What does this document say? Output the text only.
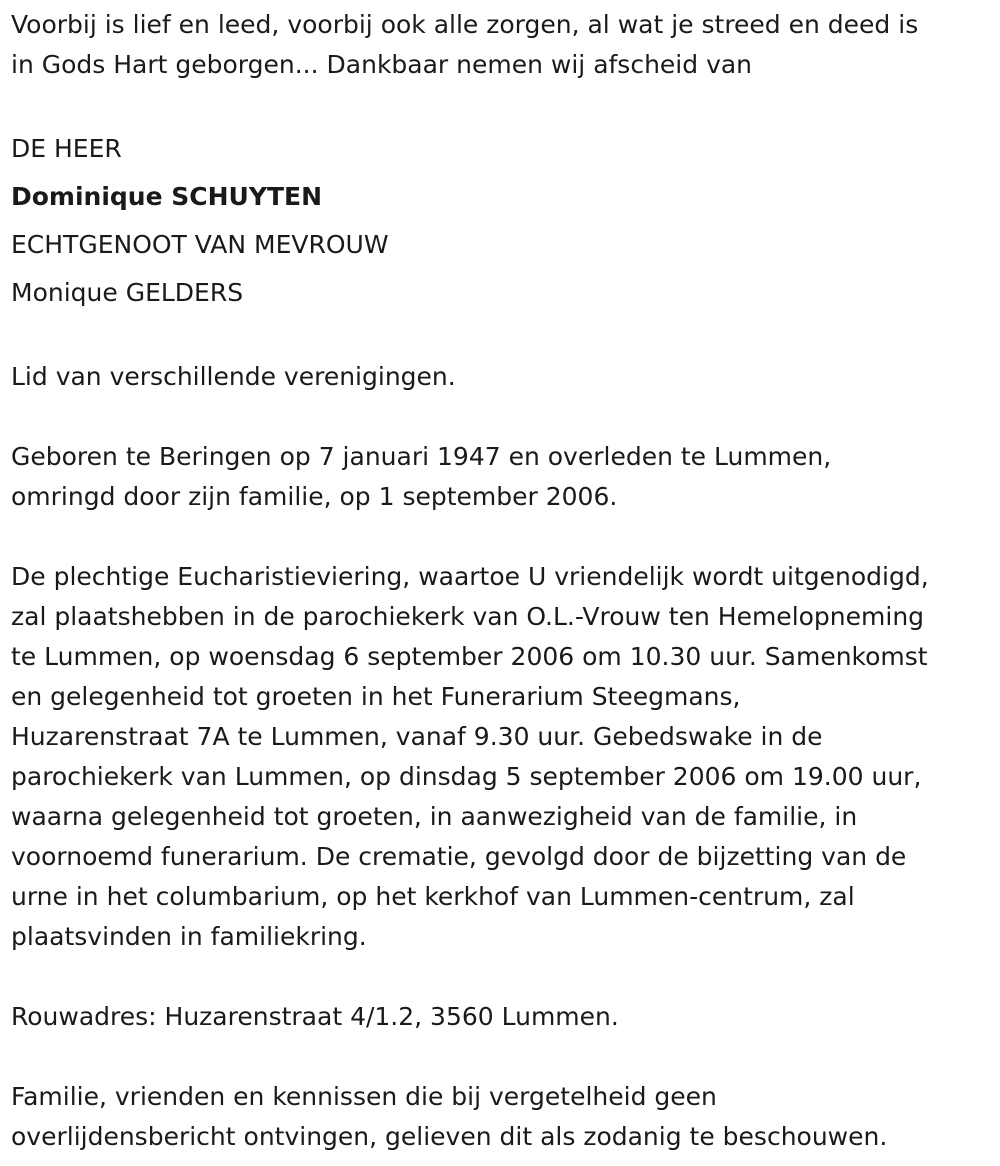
Voorbij is lief en leed, voorbij ook alle zorgen, al wat je streed en deed is
in Gods Hart geborgen... Dankbaar nemen wij afscheid van

DE HEER
Dominique SCHUYTEN
ECHTGENOOT VAN MEVROUW
Monique GELDERS

Lid van verschillende verenigingen.

Geboren te Beringen op 7 januari 1947 en overleden te Lummen,
omringd door zijn familie, op 1 september 2006.

De plechtige Eucharistieviering, waartoe U vriendelijk wordt uitgenodigd,
zal plaatshebben in de parochiekerk van O.L.-Vrouw ten Hemelopneming
te Lummen, op woensdag 6 september 2006 om 10.30 uur. Samenkomst
en gelegenheid tot groeten in het Funerarium Steegmans,
Huzarenstraat 7A te Lummen, vanaf 9.30 uur. Gebedswake in de
parochiekerk van Lummen, op dinsdag 5 september 2006 om 19.00 uur,
waarna gelegenheid tot groeten, in aanwezigheid van de familie, in
voornoemd funerarium. De crematie, gevolgd door de bijzetting van de
urne in het columbarium, op het kerkhof van Lummen-centrum, zal
plaatsvinden in familiekring.

Rouwadres: Huzarenstraat 4/1.2, 3560 Lummen.

Familie, vrienden en kennissen die bij vergetelheid geen
overlijdensbericht ontvingen, gelieven dit als zodanig te beschouwen.
